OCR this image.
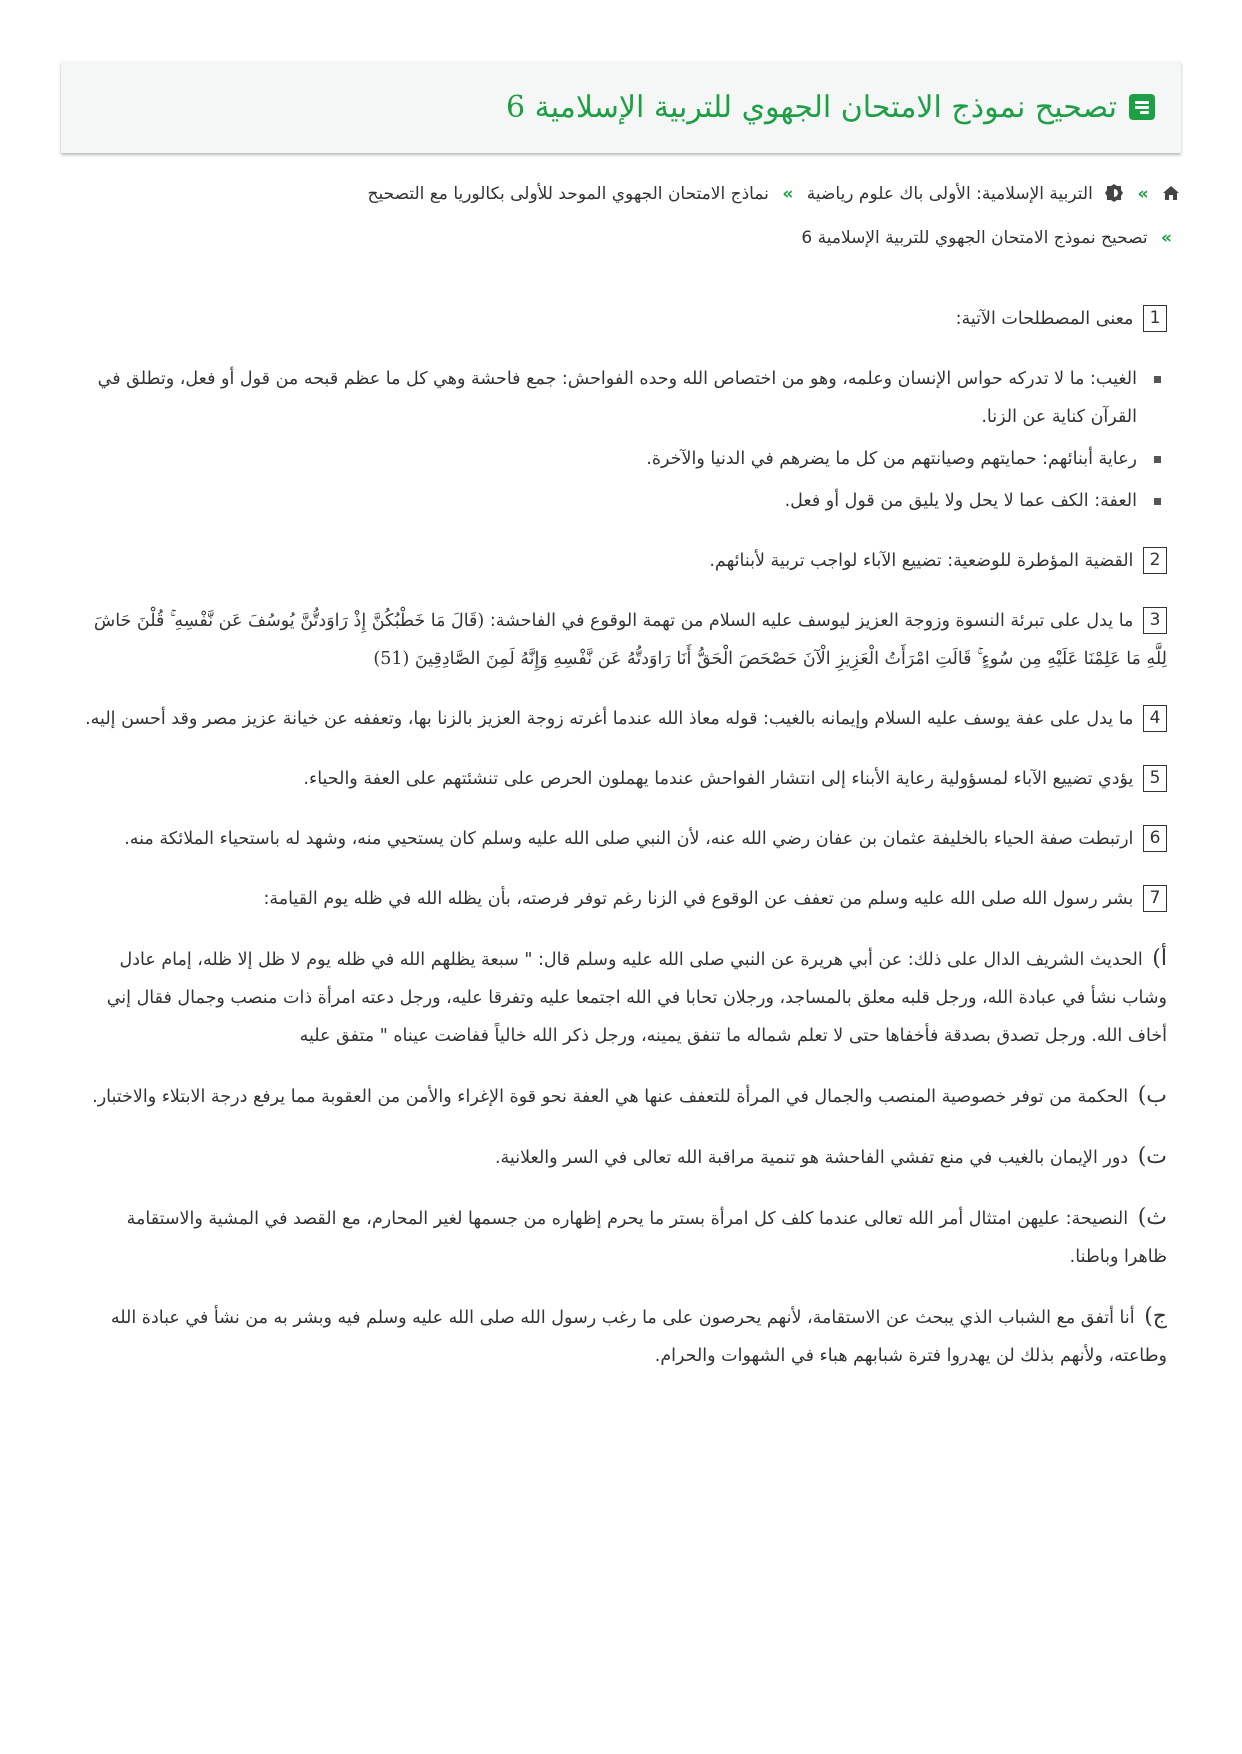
تصحيح نموذج الامتحان الجهوي للتربية الإسلامية 6
»  التربية الإسلامية: الأولى باك علوم رياضية » نماذج الامتحان الجهوي الموحد للأولى بكالوريا مع التصحيح
» تصحيح نموذج الامتحان الجهوي للتربية الإسلامية 6

1 معنى المصطلحات الآتية:

الغيب: ما لا تدركه حواس الإنسان وعلمه، وهو من اختصاص الله وحده الفواحش: جمع فاحشة وهي كل ما عظم قبحه من قول أو فعل، وتطلق في القرآن كناية عن الزنا.
رعاية أبنائهم: حمايتهم وصيانتهم من كل ما يضرهم في الدنيا والآخرة.
العفة: الكف عما لا يحل ولا يليق من قول أو فعل.

2 القضية المؤطرة للوضعية: تضييع الآباء لواجب تربية لأبنائهم.

3 ما يدل على تبرئة النسوة وزوجة العزيز ليوسف عليه السلام من تهمة الوقوع في الفاحشة: (قَالَ مَا خَطْبُكُنَّ إِذْ رَاوَدتُّنَّ يُوسُفَ عَن نَّفْسِهِ ۚ قُلْنَ حَاشَ لِلَّهِ مَا عَلِمْنَا عَلَيْهِ مِن سُوءٍ ۚ قَالَتِ امْرَأَتُ الْعَزِيزِ الْآنَ حَصْحَصَ الْحَقُّ أَنَا رَاوَدتُّهُ عَن نَّفْسِهِ وَإِنَّهُ لَمِنَ الصَّادِقِينَ (51)

4 ما يدل على عفة يوسف عليه السلام وإيمانه بالغيب: قوله معاذ الله عندما أغرته زوجة العزيز بالزنا بها، وتعففه عن خيانة عزيز مصر وقد أحسن إليه.

5 يؤدي تضييع الآباء لمسؤولية رعاية الأبناء إلى انتشار الفواحش عندما يهملون الحرص على تنشئتهم على العفة والحياء.

6 ارتبطت صفة الحياء بالخليفة عثمان بن عفان رضي الله عنه، لأن النبي صلى الله عليه وسلم كان يستحيي منه، وشهد له باستحياء الملائكة منه.

7 بشر رسول الله صلى الله عليه وسلم من تعفف عن الوقوع في الزنا رغم توفر فرصته، بأن يظله الله في ظله يوم القيامة:

أ) الحديث الشريف الدال على ذلك: عن أبي هريرة عن النبي صلى الله عليه وسلم قال: " سبعة يظلهم الله في ظله يوم لا ظل إلا ظله، إمام عادل وشاب نشأ في عبادة الله، ورجل قلبه معلق بالمساجد، ورجلان تحابا في الله اجتمعا عليه وتفرقا عليه، ورجل دعته امرأة ذات منصب وجمال فقال إني أخاف الله. ورجل تصدق بصدقة فأخفاها حتى لا تعلم شماله ما تنفق يمينه، ورجل ذكر الله خالياً ففاضت عيناه " متفق عليه

ب) الحكمة من توفر خصوصية المنصب والجمال في المرأة للتعفف عنها هي العفة نحو قوة الإغراء والأمن من العقوبة مما يرفع درجة الابتلاء والاختبار.

ت) دور الإيمان بالغيب في منع تفشي الفاحشة هو تنمية مراقبة الله تعالى في السر والعلانية.

ث) النصيحة: عليهن امتثال أمر الله تعالى عندما كلف كل امرأة بستر ما يحرم إظهاره من جسمها لغير المحارم، مع القصد في المشية والاستقامة ظاهرا وباطنا.

ج) أنا أتفق مع الشباب الذي يبحث عن الاستقامة، لأنهم يحرصون على ما رغب رسول الله صلى الله عليه وسلم فيه وبشر به من نشأ في عبادة الله وطاعته، ولأنهم بذلك لن يهدروا فترة شبابهم هباء في الشهوات والحرام.
